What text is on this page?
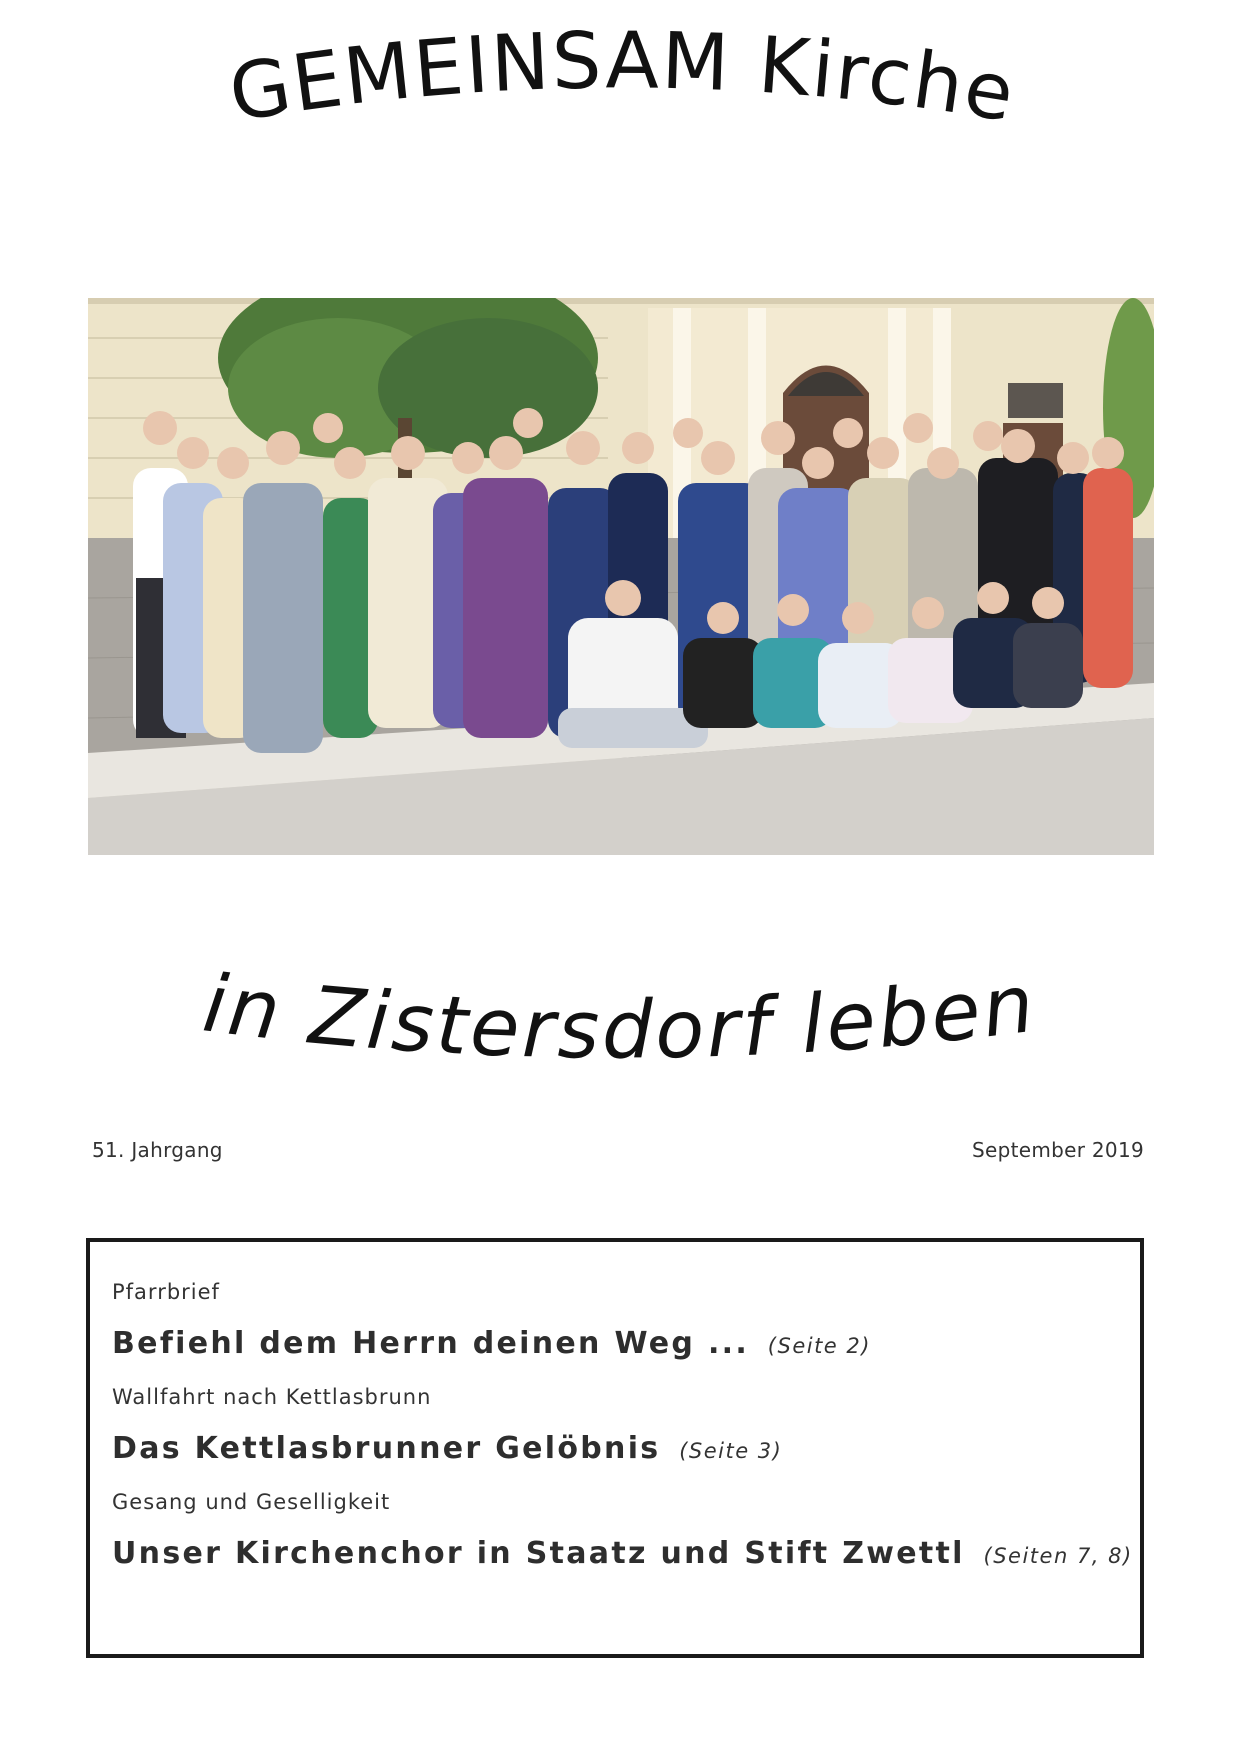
GEMEINSAM Kirche
in Zistersdorf leben
51. Jahrgang	September 2019
Pfarrbrief
Befiehl dem Herrn deinen Weg ... (Seite 2)
Wallfahrt nach Kettlasbrunn
Das Kettlasbrunner Gelöbnis (Seite 3)
Gesang und Geselligkeit
Unser Kirchenchor in Staatz und Stift Zwettl (Seiten 7, 8)
